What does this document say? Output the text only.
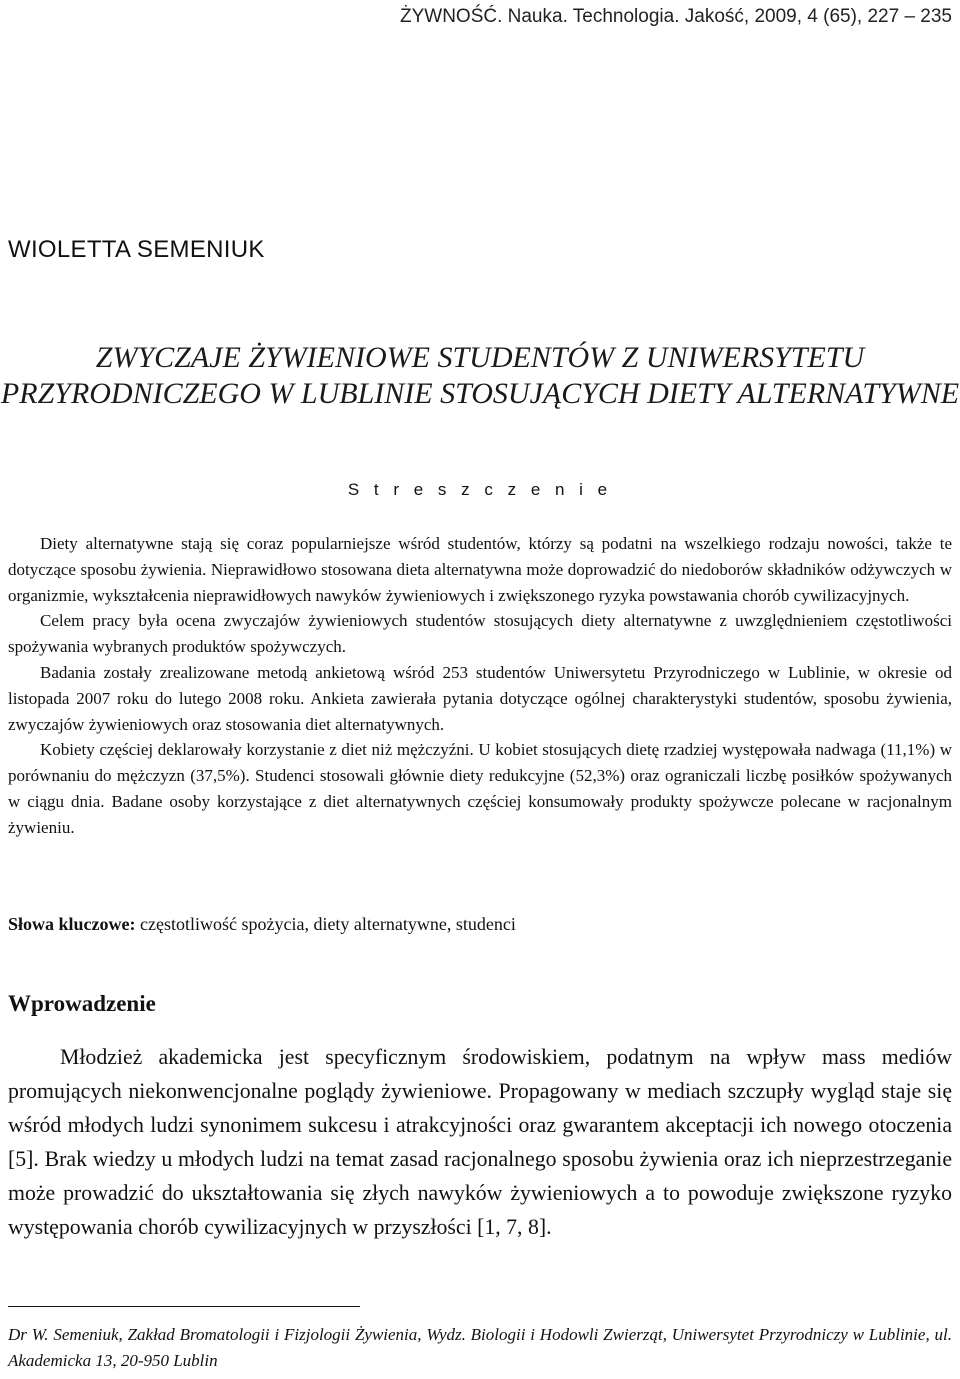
ŻYWNOŚĆ. Nauka. Technologia. Jakość, 2009, 4 (65), 227 – 235
WIOLETTA SEMENIUK
ZWYCZAJE ŻYWIENIOWE STUDENTÓW Z UNIWERSYTETU PRZYRODNICZEGO W LUBLINIE STOSUJĄCYCH DIETY ALTERNATYWNE
S t r e s z c z e n i e

Diety alternatywne stają się coraz popularniejsze wśród studentów, którzy są podatni na wszelkiego rodzaju nowości, także te dotyczące sposobu żywienia. Nieprawidłowo stosowana dieta alternatywna może doprowadzić do niedoborów składników odżywczych w organizmie, wykształcenia nieprawidłowych nawyków żywieniowych i zwiększonego ryzyka powstawania chorób cywilizacyjnych.

Celem pracy była ocena zwyczajów żywieniowych studentów stosujących diety alternatywne z uwzględnieniem częstotliwości spożywania wybranych produktów spożywczych.

Badania zostały zrealizowane metodą ankietową wśród 253 studentów Uniwersytetu Przyrodniczego w Lublinie, w okresie od listopada 2007 roku do lutego 2008 roku. Ankieta zawierała pytania dotyczące ogólnej charakterystyki studentów, sposobu żywienia, zwyczajów żywieniowych oraz stosowania diet alternatywnych.

Kobiety częściej deklarowały korzystanie z diet niż mężczyźni. U kobiet stosujących dietę rzadziej występowała nadwaga (11,1%) w porównaniu do mężczyzn (37,5%). Studenci stosowali głównie diety redukcyjne (52,3%) oraz ograniczali liczbę posiłków spożywanych w ciągu dnia. Badane osoby korzystające z diet alternatywnych częściej konsumowały produkty spożywcze polecane w racjonalnym żywieniu.

Słowa kluczowe: częstotliwość spożycia, diety alternatywne, studenci
Wprowadzenie

Młodzież akademicka jest specyficznym środowiskiem, podatnym na wpływ mass mediów promujących niekonwencjonalne poglądy żywieniowe. Propagowany w mediach szczupły wygląd staje się wśród młodych ludzi synonimem sukcesu i atrakcyjności oraz gwarantem akceptacji ich nowego otoczenia [5]. Brak wiedzy u młodych ludzi na temat zasad racjonalnego sposobu żywienia oraz ich nieprzestrzeganie może prowadzić do ukształtowania się złych nawyków żywieniowych a to powoduje zwiększone ryzyko występowania chorób cywilizacyjnych w przyszłości [1, 7, 8].

Dr W. Semeniuk, Zakład Bromatologii i Fizjologii Żywienia, Wydz. Biologii i Hodowli Zwierząt, Uniwersytet Przyrodniczy w Lublinie, ul. Akademicka 13, 20-950 Lublin
